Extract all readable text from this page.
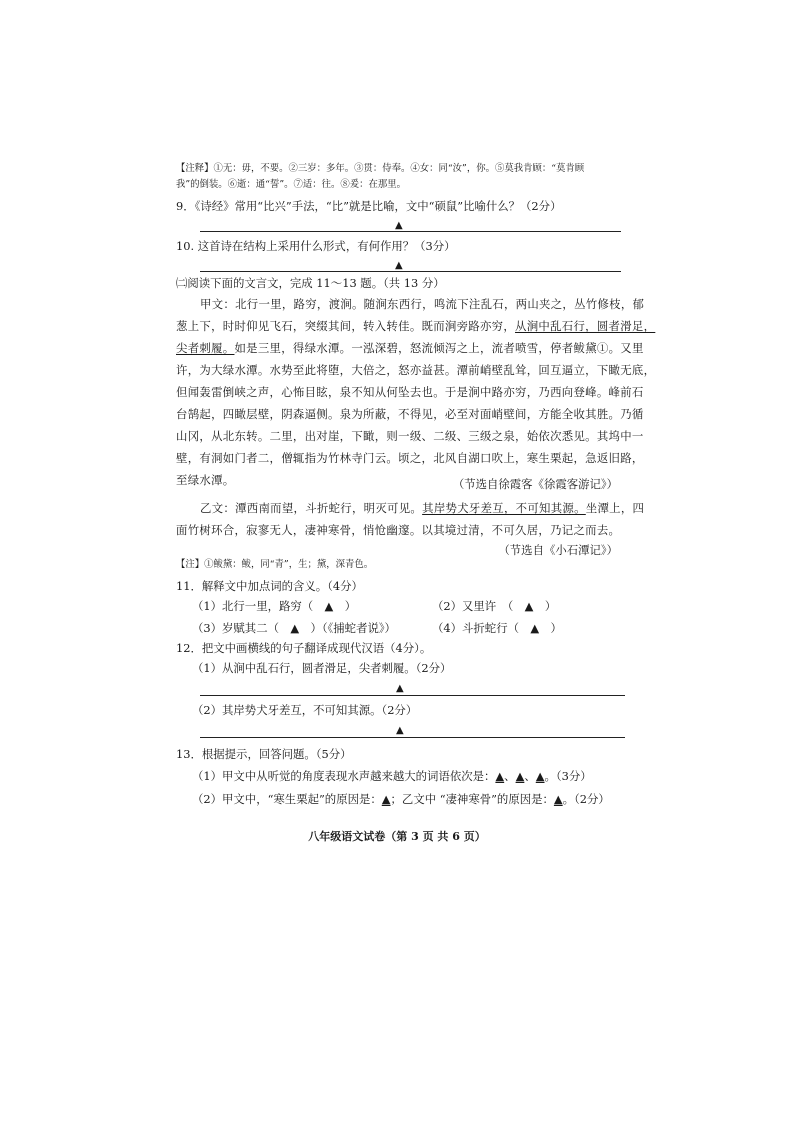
【注释】①无：毋，不要。②三岁：多年。③贯：侍奉。④女：同“汝”，你。⑤莫我肯顾：“莫肯顾
我”的倒装。⑥逝：通“誓”。⑦适：往。⑧爰：在那里。
9．《诗经》常用“比兴”手法，“比”就是比喻，文中“硕鼠”比喻什么？（2分）
▲
10. 这首诗在结构上采用什么形式，有何作用？（3分）
▲
㈡阅读下面的文言文，完成 11～13 题。（共 13 分）
甲文：北行一里，路穷，渡涧。随涧东西行，鸣流下注乱石，两山夹之，丛竹修枝，郁
葱上下，时时仰见飞石，突缀其间，转入转佳。既而涧旁路亦穷，从涧中乱石行，圆者滑足，
尖者刺履。如是三里，得绿水潭。一泓深碧，怒流倾泻之上，流者喷雪，停者鲅黛①。又里
许，为大绿水潭。水势至此将堕，大倍之，怒亦益甚。潭前峭壁乱耸，回互逼立，下瞰无底，
但闻轰雷倒峡之声，心怖目眩，泉不知从何坠去也。于是涧中路亦穷，乃西向登峰。峰前石
台鹄起，四瞰层壁，阴森逼侧。泉为所蔽，不得见，必至对面峭壁间，方能全收其胜。乃循
山冈，从北东转。二里，出对崖，下瞰，则一级、二级、三级之泉，始依次悉见。其坞中一
壁，有洞如门者二，僧辄指为竹林寺门云。顷之，北风自湖口吹上，寒生栗起，急返旧路，
至绿水潭。	（节选自徐霞客《徐霞客游记》）
乙文：潭西南而望，斗折蛇行，明灭可见。其岸势犬牙差互，不可知其源。坐潭上，四
面竹树环合，寂寥无人，凄神寒骨，悄怆幽邃。以其境过清，不可久居，乃记之而去。
（节选自《小石潭记》）
【注】①鲅黛：鲅，同“青”，生；黛，深青色。
11．解释文中加点词的含义。（4分）
（1）北行一里，路穷（　▲　）	（2）又里许　（　▲　）
（3）岁赋其二（　▲　）（《捕蛇者说》）	（4）斗折蛇行（　▲　）
12．把文中画横线的句子翻译成现代汉语（4分）。
（1）从涧中乱石行，圆者滑足，尖者刺履。（2分）
▲
（2）其岸势犬牙差互，不可知其源。（2分）
▲
13．根据提示，回答问题。（5分）
（1）甲文中从听觉的角度表现水声越来越大的词语依次是：▲、▲、▲。（3分）
（2）甲文中，“寒生栗起”的原因是：▲；乙文中 “凄神寒骨”的原因是：▲。（2分）
八年级语文试卷（第 3 页 共 6 页）
